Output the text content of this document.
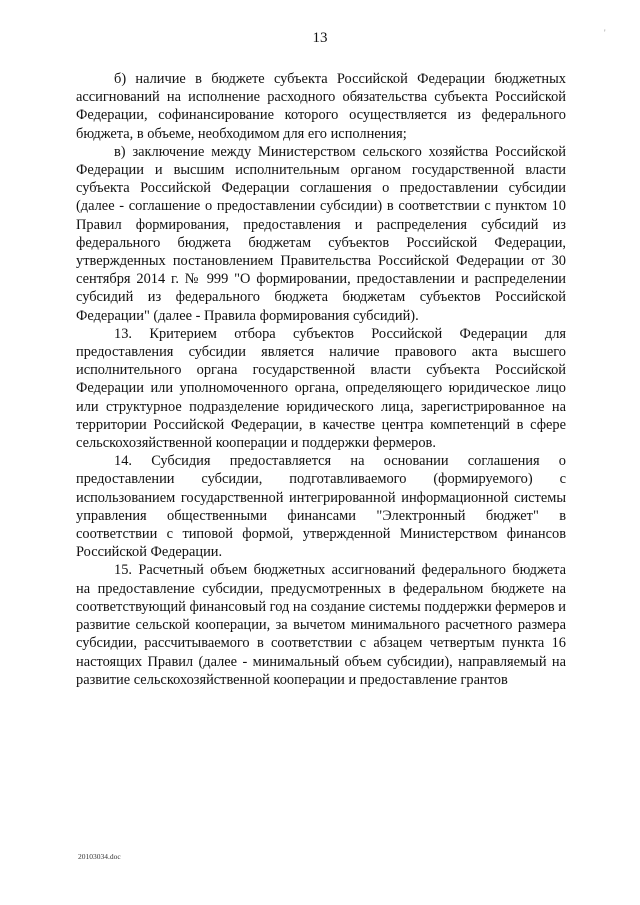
13	'

б) наличие в бюджете субъекта Российской Федерации бюджетных ассигнований на исполнение расходного обязательства субъекта Российской Федерации, софинансирование которого осуществляется из федерального бюджета, в объеме, необходимом для его исполнения;

в) заключение между Министерством сельского хозяйства Российской Федерации и высшим исполнительным органом государственной власти субъекта Российской Федерации соглашения о предоставлении субсидии (далее - соглашение о предоставлении субсидии) в соответствии с пунктом 10 Правил формирования, предоставления и распределения субсидий из федерального бюджета бюджетам субъектов Российской Федерации, утвержденных постановлением Правительства Российской Федерации от 30 сентября 2014 г. № 999 "О формировании, предоставлении и распределении субсидий из федерального бюджета бюджетам субъектов Российской Федерации" (далее - Правила формирования субсидий).

13. Критерием отбора субъектов Российской Федерации для предоставления субсидии является наличие правового акта высшего исполнительного органа государственной власти субъекта Российской Федерации или уполномоченного органа, определяющего юридическое лицо или структурное подразделение юридического лица, зарегистрированное на территории Российской Федерации, в качестве центра компетенций в сфере сельскохозяйственной кооперации и поддержки фермеров.

14. Субсидия предоставляется на основании соглашения о предоставлении субсидии, подготавливаемого (формируемого) с использованием государственной интегрированной информационной системы управления общественными финансами "Электронный бюджет" в соответствии с типовой формой, утвержденной Министерством финансов Российской Федерации.

15. Расчетный объем бюджетных ассигнований федерального бюджета на предоставление субсидии, предусмотренных в федеральном бюджете на соответствующий финансовый год на создание системы поддержки фермеров и развитие сельской кооперации, за вычетом минимального расчетного размера субсидии, рассчитываемого в соответствии с абзацем четвертым пункта 16 настоящих Правил (далее - минимальный объем субсидии), направляемый на развитие сельскохозяйственной кооперации и предоставление грантов

20103034.doc
